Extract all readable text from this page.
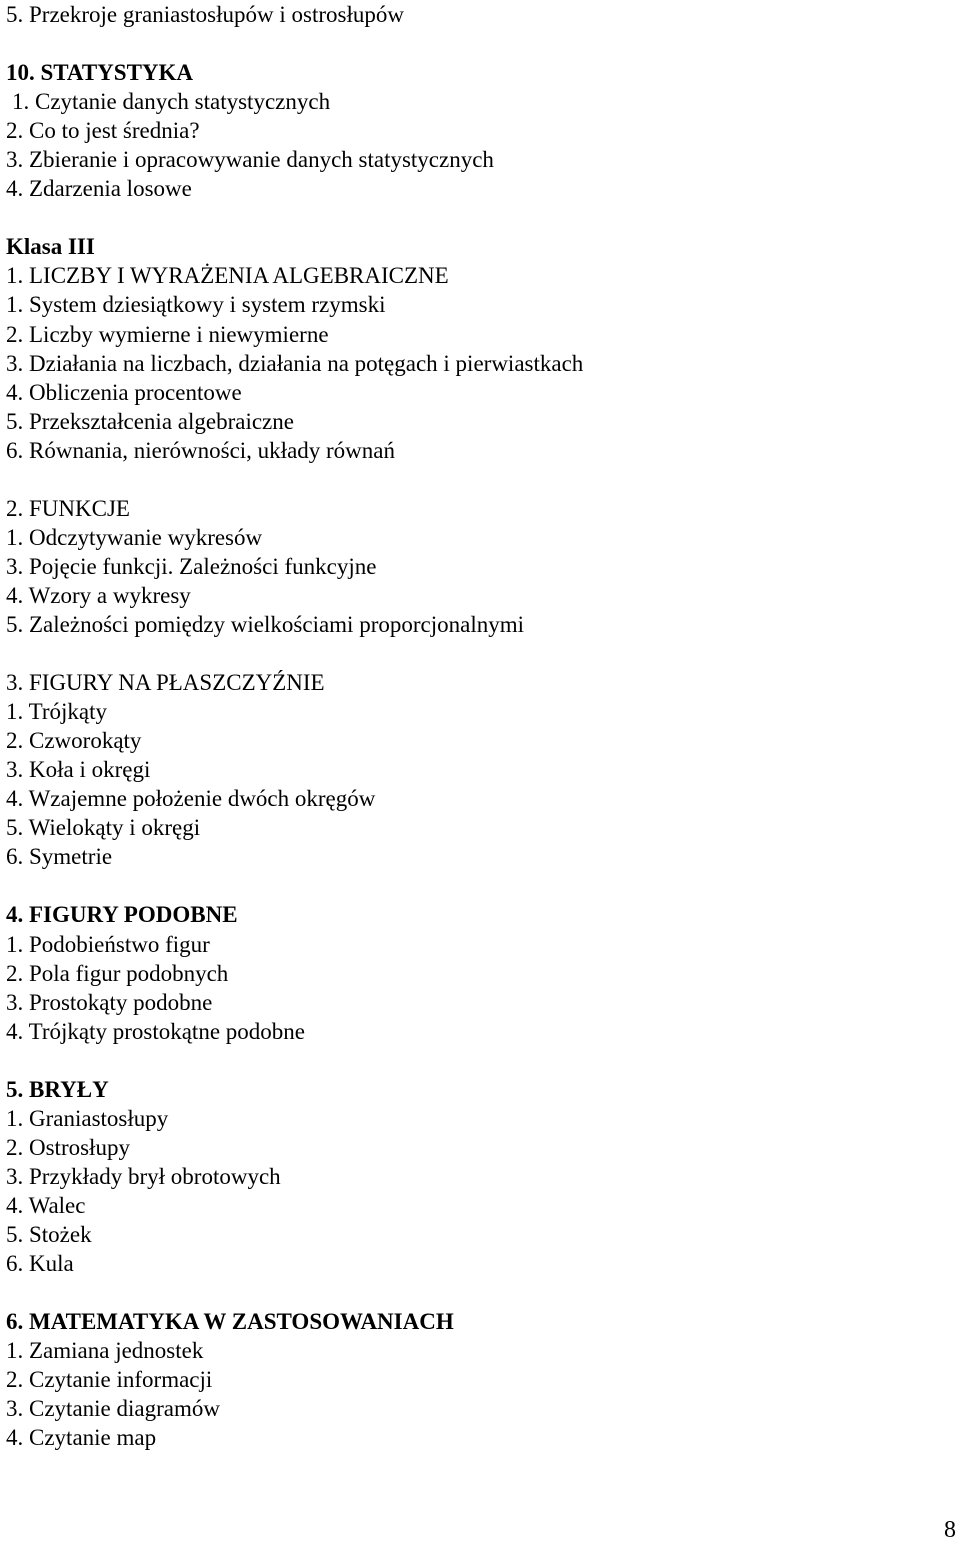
5. Przekroje graniastosłupów i ostrosłupów
10. STATYSTYKA
1. Czytanie danych statystycznych
2. Co to jest średnia?
3. Zbieranie i opracowywanie danych statystycznych
4. Zdarzenia losowe
Klasa III
1. LICZBY I WYRAŻENIA ALGEBRAICZNE
1. System dziesiątkowy i system rzymski
2. Liczby wymierne i niewymierne
3. Działania na liczbach, działania na potęgach i pierwiastkach
4. Obliczenia procentowe
5. Przekształcenia algebraiczne
6. Równania, nierówności, układy równań
2. FUNKCJE
1. Odczytywanie wykresów
3. Pojęcie funkcji. Zależności funkcyjne
4. Wzory a wykresy
5. Zależności pomiędzy wielkościami proporcjonalnymi
3. FIGURY NA PŁASZCZYŹNIE
1. Trójkąty
2. Czworokąty
3. Koła i okręgi
4. Wzajemne położenie dwóch okręgów
5. Wielokąty i okręgi
6. Symetrie
4. FIGURY PODOBNE
1. Podobieństwo figur
2. Pola figur podobnych
3. Prostokąty podobne
4. Trójkąty prostokątne podobne
5. BRYŁY
1. Graniastosłupy
2. Ostrosłupy
3. Przykłady brył obrotowych
4. Walec
5. Stożek
6. Kula
6. MATEMATYKA W ZASTOSOWANIACH
1. Zamiana jednostek
2. Czytanie informacji
3. Czytanie diagramów
4. Czytanie map
8
